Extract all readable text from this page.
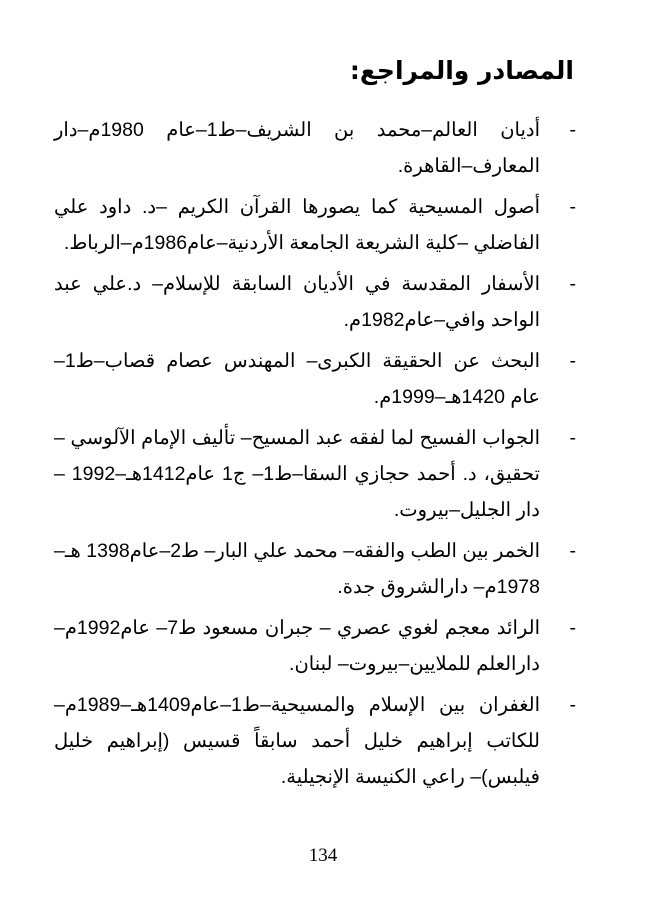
المصادر والمراجع:
- أديان العالم–محمد بن الشريف–ط1–عام 1980م–دار المعارف–القاهرة.
- أصول المسيحية كما يصورها القرآن الكريم –د. داود علي الفاضلي –كلية الشريعة الجامعة الأردنية–عام1986م–الرباط.
- الأسفار المقدسة في الأديان السابقة للإسلام– د.علي عبد الواحد وافي–عام1982م.
- البحث عن الحقيقة الكبرى– المهندس عصام قصاب–ط1– عام 1420هـ–1999م.
- الجواب الفسيح لما لفقه عبد المسيح– تأليف الإمام الآلوسي – تحقيق، د. أحمد حجازي السقا–ط1– ج1 عام1412هـ–1992 –دار الجليل–بيروت.
- الخمر بين الطب والفقه– محمد علي البار– ط2–عام1398 هـ–1978م– دارالشروق جدة.
- الرائد معجم لغوي عصري – جبران مسعود ط7– عام1992م– دارالعلم للملايين–بيروت– لبنان.
- الغفران بين الإسلام والمسيحية–ط1–عام1409هـ–1989م– للكاتب إبراهيم خليل أحمد سابقاً قسيس (إبراهيم خليل فيلبس)– راعي الكنيسة الإنجيلية.
134
